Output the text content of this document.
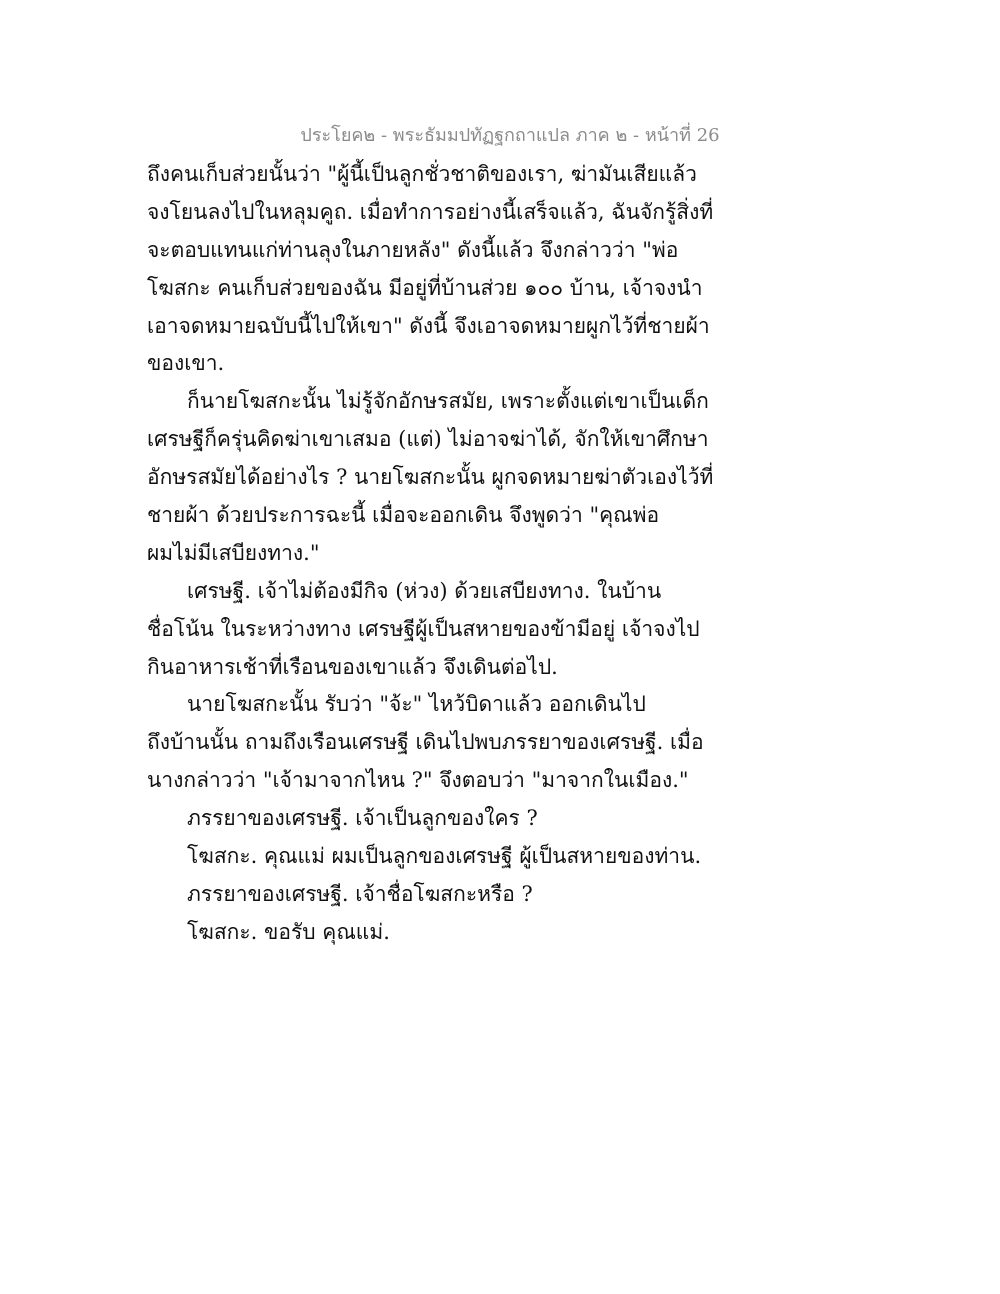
ประโยค๒ - พระธัมมปทัฏฐกถาแปล ภาค ๒ - หน้าที่ 26
ถึงคนเก็บส่วยนั้นว่า "ผู้นี้เป็นลูกชั่วชาติของเรา, ฆ่ามันเสียแล้ว
จงโยนลงไปในหลุมคูถ. เมื่อทำการอย่างนี้เสร็จแล้ว, ฉันจักรู้สิ่งที่
จะตอบแทนแก่ท่านลุงในภายหลัง" ดังนี้แล้ว จึงกล่าวว่า "พ่อ
โฆสกะ คนเก็บส่วยของฉัน มีอยู่ที่บ้านส่วย ๑๐๐ บ้าน, เจ้าจงนำ
เอาจดหมายฉบับนี้ไปให้เขา" ดังนี้ จึงเอาจดหมายผูกไว้ที่ชายผ้า
ของเขา.
ก็นายโฆสกะนั้น ไม่รู้จักอักษรสมัย, เพราะตั้งแต่เขาเป็นเด็ก
เศรษฐีก็ครุ่นคิดฆ่าเขาเสมอ (แต่) ไม่อาจฆ่าได้, จักให้เขาศึกษา
อักษรสมัยได้อย่างไร ? นายโฆสกะนั้น ผูกจดหมายฆ่าตัวเองไว้ที่
ชายผ้า ด้วยประการฉะนี้ เมื่อจะออกเดิน จึงพูดว่า "คุณพ่อ
ผมไม่มีเสบียงทาง."
เศรษฐี. เจ้าไม่ต้องมีกิจ (ห่วง) ด้วยเสบียงทาง. ในบ้าน
ชื่อโน้น ในระหว่างทาง เศรษฐีผู้เป็นสหายของข้ามีอยู่ เจ้าจงไป
กินอาหารเช้าที่เรือนของเขาแล้ว จึงเดินต่อไป.
นายโฆสกะนั้น รับว่า "จ้ะ" ไหว้บิดาแล้ว ออกเดินไป
ถึงบ้านนั้น ถามถึงเรือนเศรษฐี เดินไปพบภรรยาของเศรษฐี. เมื่อ
นางกล่าวว่า "เจ้ามาจากไหน ?" จึงตอบว่า "มาจากในเมือง."
ภรรยาของเศรษฐี. เจ้าเป็นลูกของใคร ?
โฆสกะ. คุณแม่ ผมเป็นลูกของเศรษฐี ผู้เป็นสหายของท่าน.
ภรรยาของเศรษฐี. เจ้าชื่อโฆสกะหรือ ?
โฆสกะ. ขอรับ คุณแม่.
